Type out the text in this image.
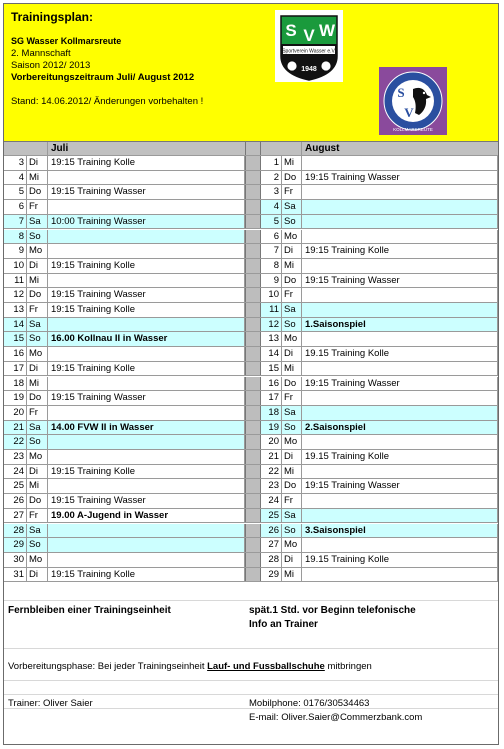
Trainingsplan:
SG Wasser Kollmarsreute
2. Mannschaft
Saison 2012/ 2013
Vorbereitungszeitraum Juli/ August 2012
Stand: 14.06.2012/ Änderungen vorbehalten !
S V W
Sportverein Wasser e.V.
1948
KOLLMARSREUTE
S
V
Juli	August
3 Di	19:15 Training Kolle	1 Mi
4 Mi	2 Do 19:15 Training Wasser
5 Do	19:15 Training Wasser	3 Fr
6 Fr	4 Sa
7 Sa	10:00 Training Wasser	5 So
8 So	6 Mo
9 Mo	7 Di	19:15 Training Kolle
10 Di	19:15 Training Kolle	8 Mi
11 Mi	9 Do 19:15 Training Wasser
12 Do	19:15 Training Wasser	10 Fr
13 Fr	19:15 Training Kolle	11 Sa
14 Sa	12 So 1.Saisonspiel
15 So	16.00 Kollnau II in Wasser	13 Mo
16 Mo	14 Di	19.15 Training Kolle
17 Di	19:15 Training Kolle	15 Mi
18 Mi	16 Do 19:15 Training Wasser
19 Do	19:15 Training Wasser	17 Fr
20 Fr	18 Sa
21 Sa	14.00 FVW II in Wasser	19 So 2.Saisonspiel
22 So	20 Mo
23 Mo	21 Di	19.15 Training Kolle
24 Di	19:15 Training Kolle	22 Mi
25 Mi	23 Do 19:15 Training Wasser
26 Do	19:15 Training Wasser	24 Fr
27 Fr	19.00 A-Jugend in Wasser	25 Sa
28 Sa	26 So 3.Saisonspiel
29 So	27 Mo
30 Mo	28 Di	19.15 Training Kolle
31 Di	19:15 Training Kolle	29 Mi
Fernbleiben einer Trainingseinheit	spät.1 Std. vor Beginn telefonische
Info an Trainer
Vorbereitungsphase: Bei jeder Trainingseinheit Lauf- und Fussballschuhe mitbringen
Trainer: Oliver Saier	Mobilphone: 0176/30534463
E-mail: Oliver.Saier@Commerzbank.com
